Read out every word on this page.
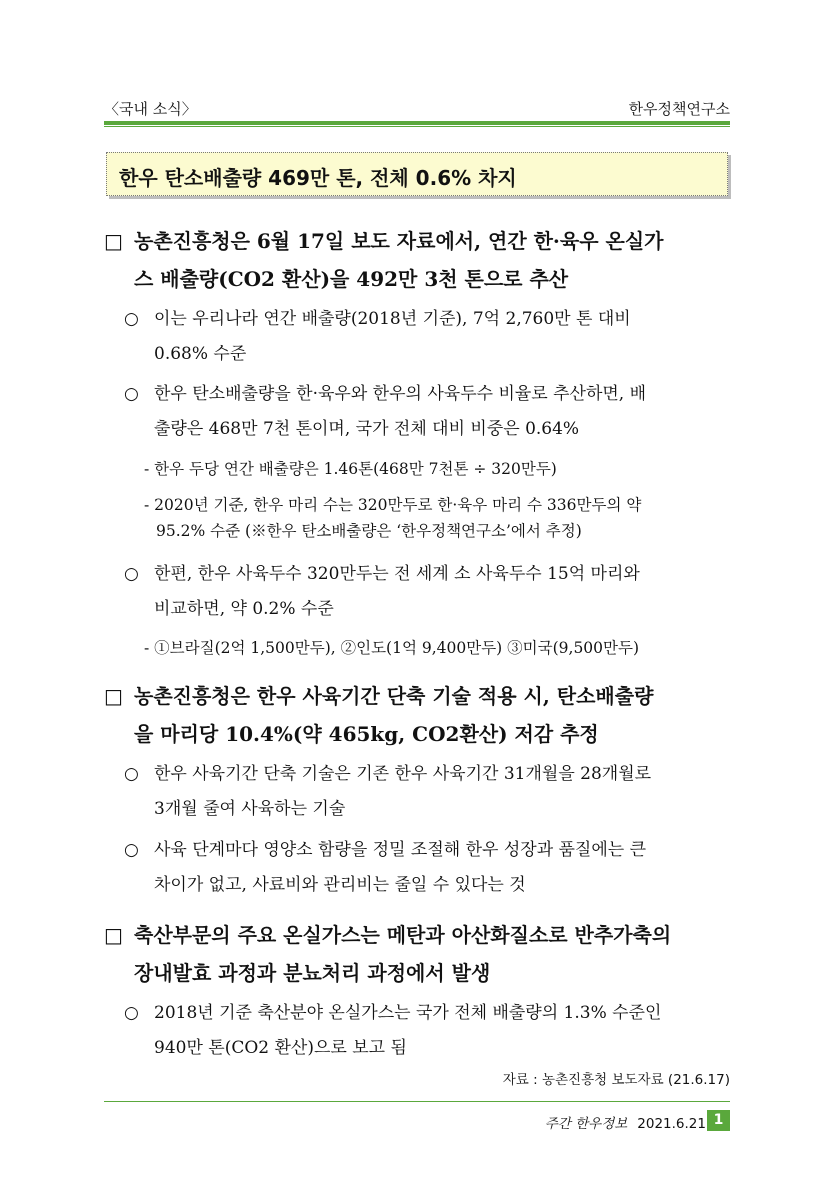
〈국내 소식〉	한우정책연구소
한우 탄소배출량 469만 톤, 전체 0.6% 차지
□ 농촌진흥청은 6월 17일 보도 자료에서, 연간 한·육우 온실가
스 배출량(CO2 환산)을 492만 3천 톤으로 추산
○ 이는 우리나라 연간 배출량(2018년 기준), 7억 2,760만 톤 대비
0.68% 수준
○ 한우 탄소배출량을 한·육우와 한우의 사육두수 비율로 추산하면, 배
출량은 468만 7천 톤이며, 국가 전체 대비 비중은 0.64%
- 한우 두당 연간 배출량은 1.46톤(468만 7천톤 ÷ 320만두)
- 2020년 기준, 한우 마리 수는 320만두로 한·육우 마리 수 336만두의 약
95.2% 수준 (※한우 탄소배출량은 ‘한우정책연구소’에서 추정)
○ 한편, 한우 사육두수 320만두는 전 세계 소 사육두수 15억 마리와
비교하면, 약 0.2% 수준
- ①브라질(2억 1,500만두), ②인도(1억 9,400만두) ③미국(9,500만두)
□ 농촌진흥청은 한우 사육기간 단축 기술 적용 시, 탄소배출량
을 마리당 10.4%(약 465kg, CO2환산) 저감 추정
○ 한우 사육기간 단축 기술은 기존 한우 사육기간 31개월을 28개월로
3개월 줄여 사육하는 기술
○ 사육 단계마다 영양소 함량을 정밀 조절해 한우 성장과 품질에는 큰
차이가 없고, 사료비와 관리비는 줄일 수 있다는 것
□ 축산부문의 주요 온실가스는 메탄과 아산화질소로 반추가축의
장내발효 과정과 분뇨처리 과정에서 발생
○ 2018년 기준 축산분야 온실가스는 국가 전체 배출량의 1.3% 수준인
940만 톤(CO2 환산)으로 보고 됨
자료 : 농촌진흥청 보도자료 (21.6.17)
주간 한우정보 2021.6.21 1
